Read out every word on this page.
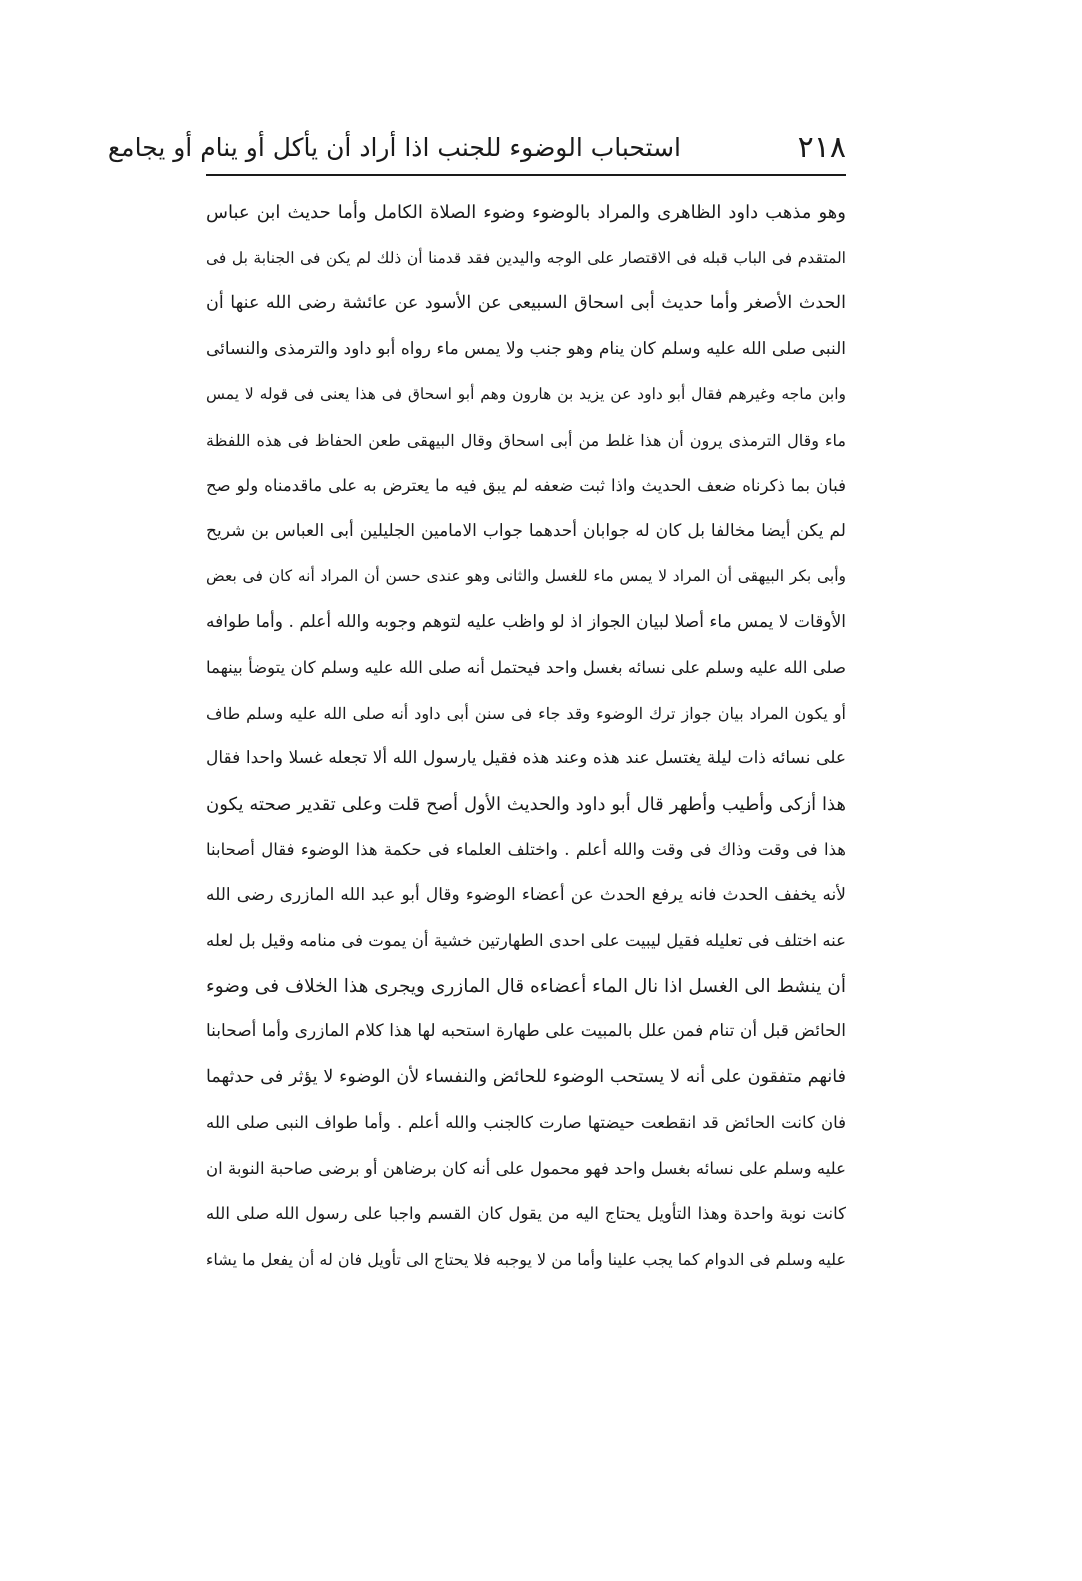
٢١٨
استحباب الوضوء للجنب اذا أراد أن يأكل أو ينام أو يجامع
وهو مذهب داود الظاهرى والمراد بالوضوء وضوء الصلاة الكامل وأما حديث ابن عباس
المتقدم فى الباب قبله فى الاقتصار على الوجه واليدين فقد قدمنا أن ذلك لم يكن فى الجنابة بل فى
الحدث الأصغر وأما حديث أبى اسحاق السبيعى عن الأسود عن عائشة رضى الله عنها أن
النبى صلى الله عليه وسلم كان ينام وهو جنب ولا يمس ماء رواه أبو داود والترمذى والنسائى
وابن ماجه وغيرهم فقال أبو داود عن يزيد بن هارون وهم أبو اسحاق فى هذا يعنى فى قوله لا يمس
ماء وقال الترمذى يرون أن هذا غلط من أبى اسحاق وقال البيهقى طعن الحفاظ فى هذه اللفظة
فبان بما ذكرناه ضعف الحديث واذا ثبت ضعفه لم يبق فيه ما يعترض به على ماقدمناه ولو صح
لم يكن أيضا مخالفا بل كان له جوابان أحدهما جواب الامامين الجليلين أبى العباس بن شريح
وأبى بكر البيهقى أن المراد لا يمس ماء للغسل والثانى وهو عندى حسن أن المراد أنه كان فى بعض
الأوقات لا يمس ماء أصلا لبيان الجواز اذ لو واظب عليه لتوهم وجوبه والله أعلم . وأما طوافه
صلى الله عليه وسلم على نسائه بغسل واحد فيحتمل أنه صلى الله عليه وسلم كان يتوضأ بينهما
أو يكون المراد بيان جواز ترك الوضوء وقد جاء فى سنن أبى داود أنه صلى الله عليه وسلم طاف
على نسائه ذات ليلة يغتسل عند هذه وعند هذه فقيل يارسول الله ألا تجعله غسلا واحدا فقال
هذا أزكى وأطيب وأطهر قال أبو داود والحديث الأول أصح قلت وعلى تقدير صحته يكون
هذا فى وقت وذاك فى وقت والله أعلم . واختلف العلماء فى حكمة هذا الوضوء فقال أصحابنا
لأنه يخفف الحدث فانه يرفع الحدث عن أعضاء الوضوء وقال أبو عبد الله المازرى رضى الله
عنه اختلف فى تعليله فقيل ليبيت على احدى الطهارتين خشية أن يموت فى منامه وقيل بل لعله
أن ينشط الى الغسل اذا نال الماء أعضاءه قال المازرى ويجرى هذا الخلاف فى وضوء
الحائض قبل أن تنام فمن علل بالمبيت على طهارة استحبه لها هذا كلام المازرى وأما أصحابنا
فانهم متفقون على أنه لا يستحب الوضوء للحائض والنفساء لأن الوضوء لا يؤثر فى حدثهما
فان كانت الحائض قد انقطعت حيضتها صارت كالجنب والله أعلم . وأما طواف النبى صلى الله
عليه وسلم على نسائه بغسل واحد فهو محمول على أنه كان برضاهن أو برضى صاحبة النوبة ان
كانت نوبة واحدة وهذا التأويل يحتاج اليه من يقول كان القسم واجبا على رسول الله صلى الله
عليه وسلم فى الدوام كما يجب علينا وأما من لا يوجبه فلا يحتاج الى تأويل فان له أن يفعل ما يشاء
